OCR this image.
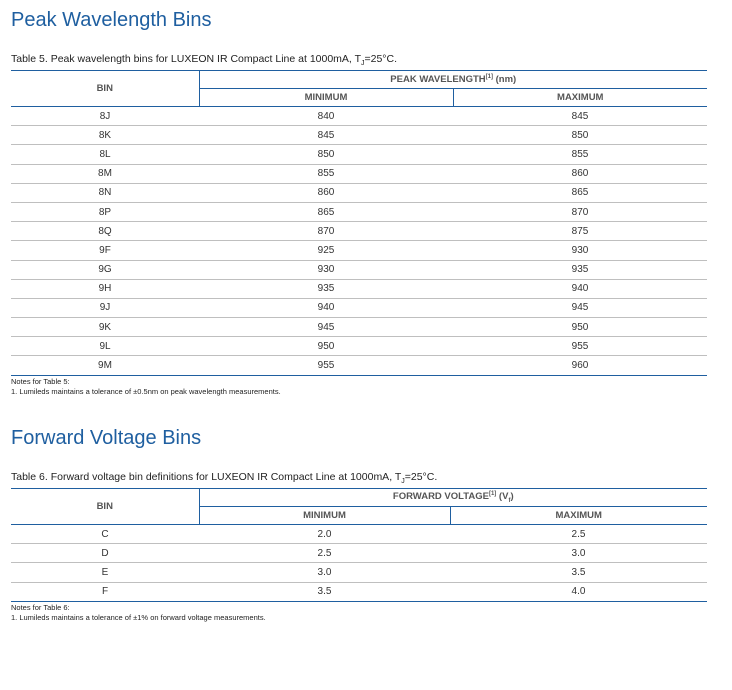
Peak Wavelength Bins

Table 5. Peak wavelength bins for LUXEON IR Compact Line at 1000mA, $T_J=25^\circ C$.

BIN	PEAK WAVELENGTH[1] (nm)	
	MINIMUM	MAXIMUM
8J	840	845
8K	845	850
8L	850	855
8M	855	860
8N	860	865
8P	865	870
8Q	870	875
9F	925	930
9G	930	935
9H	935	940
9J	940	945
9K	945	950
9L	950	955
9M	955	960
Notes for Table 5:
1. Lumileds maintains a tolerance of ±0.5nm on peak wavelength measurements.
Forward Voltage Bins

Table 6. Forward voltage bin definitions for LUXEON IR Compact Line at 1000mA, $T_J=25^\circ C$.

BIN	FORWARD VOLTAGE[1] $(V_f)$	
	MINIMUM	MAXIMUM
C	2.0	2.5
D	2.5	3.0
E	3.0	3.5
F	3.5	4.0
Notes for Table 6:
1. Lumileds maintains a tolerance of ±1% on forward voltage measurements.
